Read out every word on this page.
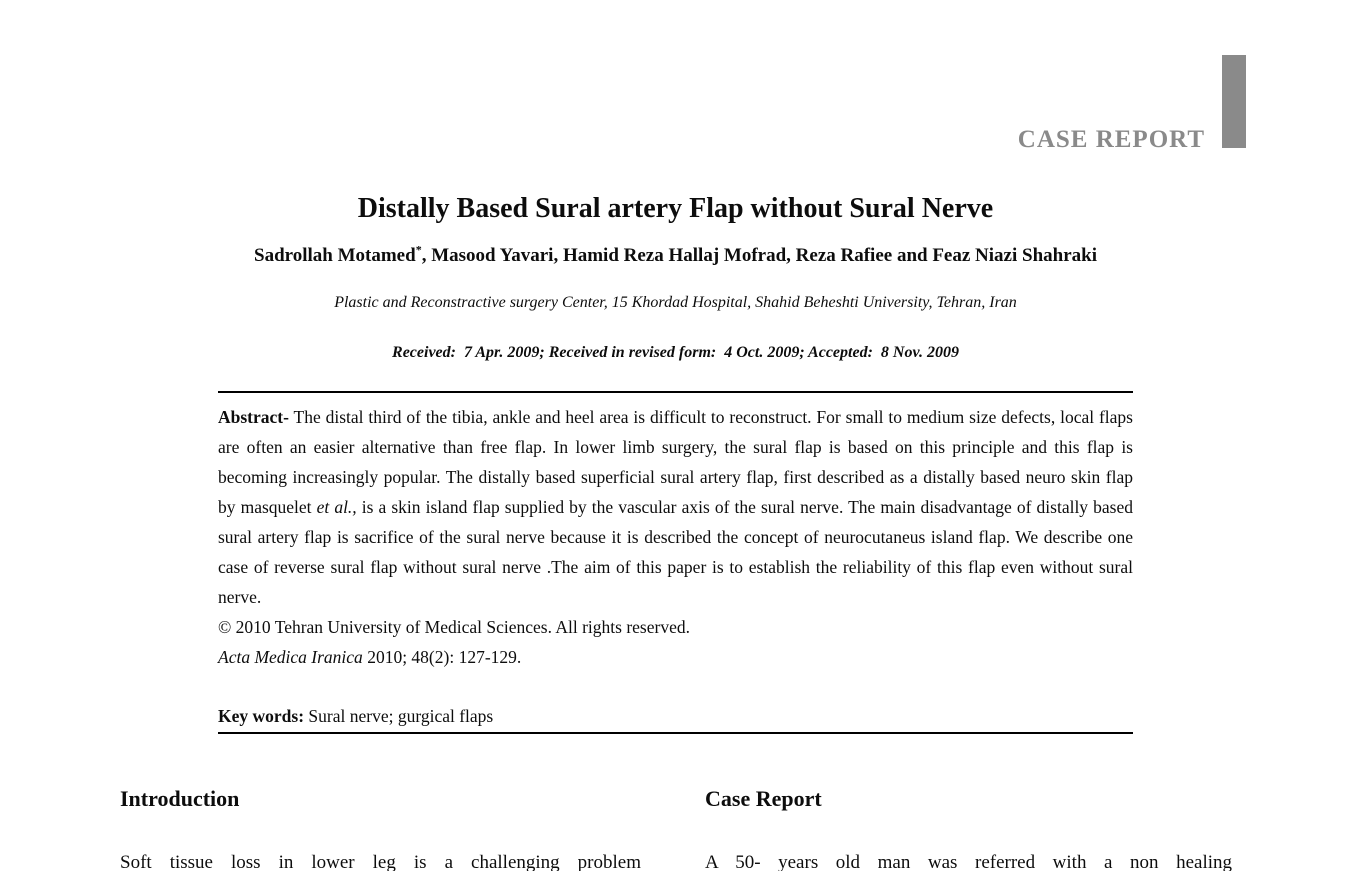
CASE REPORT
Distally Based Sural artery Flap without Sural Nerve
Sadrollah Motamed*, Masood Yavari, Hamid Reza Hallaj Mofrad, Reza Rafiee and Feaz Niazi Shahraki
Plastic and Reconstractive surgery Center, 15 Khordad Hospital, Shahid Beheshti University, Tehran, Iran
Received:  7 Apr. 2009; Received in revised form:  4 Oct. 2009; Accepted:  8 Nov. 2009

Abstract- The distal third of the tibia, ankle and heel area is difficult to reconstruct. For small to medium size defects, local flaps are often an easier alternative than free flap. In lower limb surgery, the sural flap is based on this principle and this flap is becoming increasingly popular. The distally based superficial sural artery flap, first described as a distally based neuro skin flap by masquelet et al., is a skin island flap supplied by the vascular axis of the sural nerve. The main disadvantage of distally based sural artery flap is sacrifice of the sural nerve because it is described the concept of neurocutaneus island flap. We describe one case of reverse sural flap without sural nerve .The aim of this paper is to establish the reliability of this flap even without sural nerve.

© 2010 Tehran University of Medical Sciences. All rights reserved.
Acta Medica Iranica 2010; 48(2): 127-129.
Key words: Sural nerve; gurgical flaps
Introduction

Soft tissue loss in lower leg is a challenging problem

Case Report

A 50- years old man was referred with a non healing
